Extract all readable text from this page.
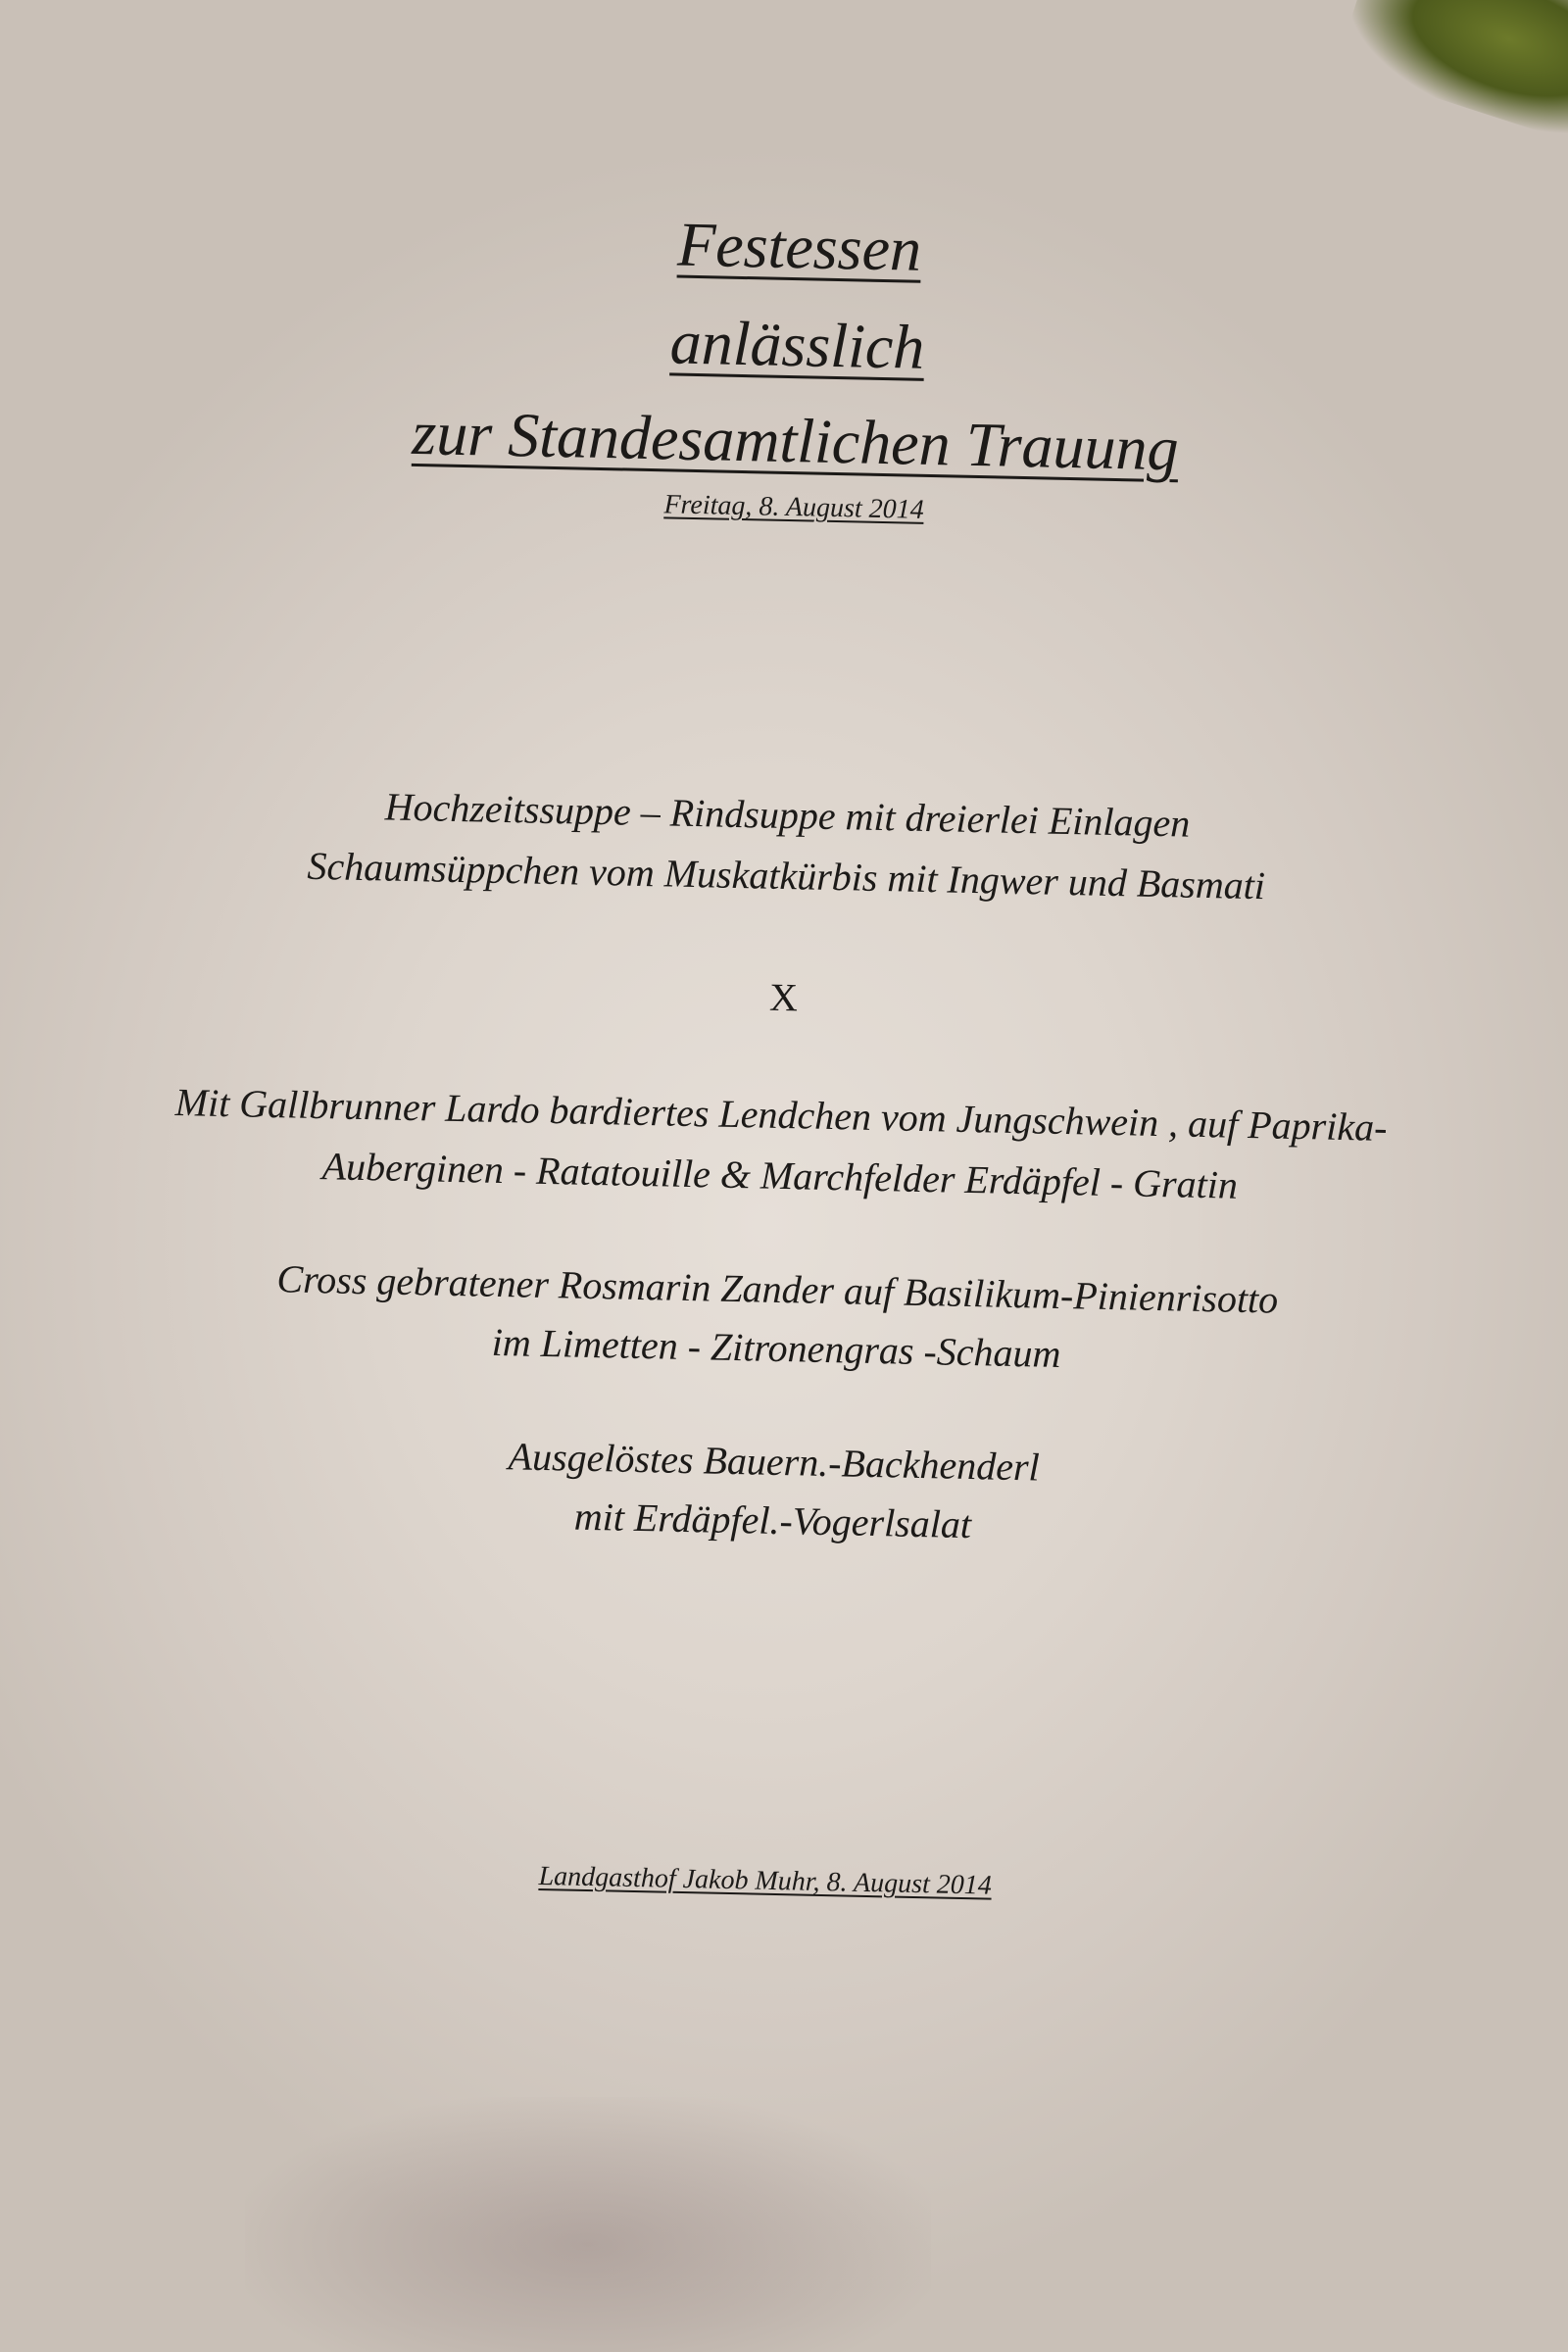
Festessen
anlässlich
zur Standesamtlichen Trauung
Freitag, 8. August 2014
Hochzeitssuppe – Rindsuppe mit dreierlei Einlagen
Schaumsüppchen vom Muskatkürbis mit Ingwer und Basmati
X
Mit Gallbrunner Lardo bardiertes Lendchen vom Jungschwein , auf Paprika-
Auberginen - Ratatouille & Marchfelder Erdäpfel - Gratin
Cross gebratener Rosmarin Zander auf Basilikum-Pinienrisotto
im Limetten - Zitronengras -Schaum
Ausgelöstes Bauern.-Backhenderl
mit Erdäpfel.-Vogerlsalat
Landgasthof Jakob Muhr, 8. August 2014
